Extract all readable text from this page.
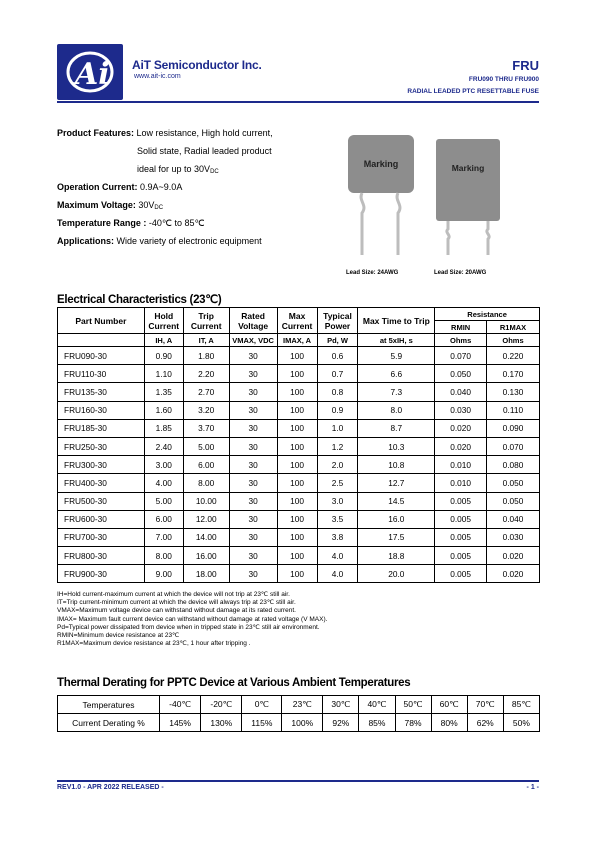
Ai AiT Semiconductor Inc.
www.ait-ic.com
FRU
FRU090 THRU FRU900
RADIAL LEADED PTC RESETTABLE FUSE
Product Features: Low resistance, High hold current,
Solid state, Radial leaded product
ideal for up to $30V_{DC}$
Operation Current: 0.9A~9.0A
Maximum Voltage: $30V_{DC}$
Temperature Range : -40℃ to 85℃
Applications: Wide variety of electronic equipment
Marking	Marking
Lead Size: 24AWG	Lead Size: 20AWG
Electrical Characteristics (23℃)
Part Number	Hold Current	Trip Current	Rated Voltage	Max Current	Typical Power	Max Time to Trip	Resistance	
							RMIN	R1MAX
	IH, A	IT, A	VMAX, VDC	IMAX, A	Pd, W	at 5xIH, s	Ohms	Ohms
FRU090-30	0.90	1.80	30	100	0.6	5.9	0.070	0.220
FRU110-30	1.10	2.20	30	100	0.7	6.6	0.050	0.170
FRU135-30	1.35	2.70	30	100	0.8	7.3	0.040	0.130
FRU160-30	1.60	3.20	30	100	0.9	8.0	0.030	0.110
FRU185-30	1.85	3.70	30	100	1.0	8.7	0.020	0.090
FRU250-30	2.40	5.00	30	100	1.2	10.3	0.020	0.070
FRU300-30	3.00	6.00	30	100	2.0	10.8	0.010	0.080
FRU400-30	4.00	8.00	30	100	2.5	12.7	0.010	0.050
FRU500-30	5.00	10.00	30	100	3.0	14.5	0.005	0.050
FRU600-30	6.00	12.00	30	100	3.5	16.0	0.005	0.040
FRU700-30	7.00	14.00	30	100	3.8	17.5	0.005	0.030
FRU800-30	8.00	16.00	30	100	4.0	18.8	0.005	0.020
FRU900-30	9.00	18.00	30	100	4.0	20.0	0.005	0.020
IH=Hold current-maximum current at which the device will not trip at 23℃ still air.
IT=Trip current-minimum current at which the device will always trip at 23℃ still air.
VMAX=Maximum voltage device can withstand without damage at its rated current.
IMAX= Maximum fault current device can withstand without damage at rated voltage (V MAX).
Pd=Typical power dissipated from device when in tripped state in 23℃ still air environment.
RMIN=Minimum device resistance at 23℃
R1MAX=Maximum device resistance at 23℃, 1 hour after tripping .
Thermal Derating for PPTC Device at Various Ambient Temperatures
Temperatures	-40℃	-20℃	0℃	23℃	30℃	40℃	50℃	60℃	70℃	85℃
Current Derating %	145%	130%	115%	100%	92%	85%	78%	80%	62%	50%
REV1.0 - APR 2022 RELEASED -	- 1 -
